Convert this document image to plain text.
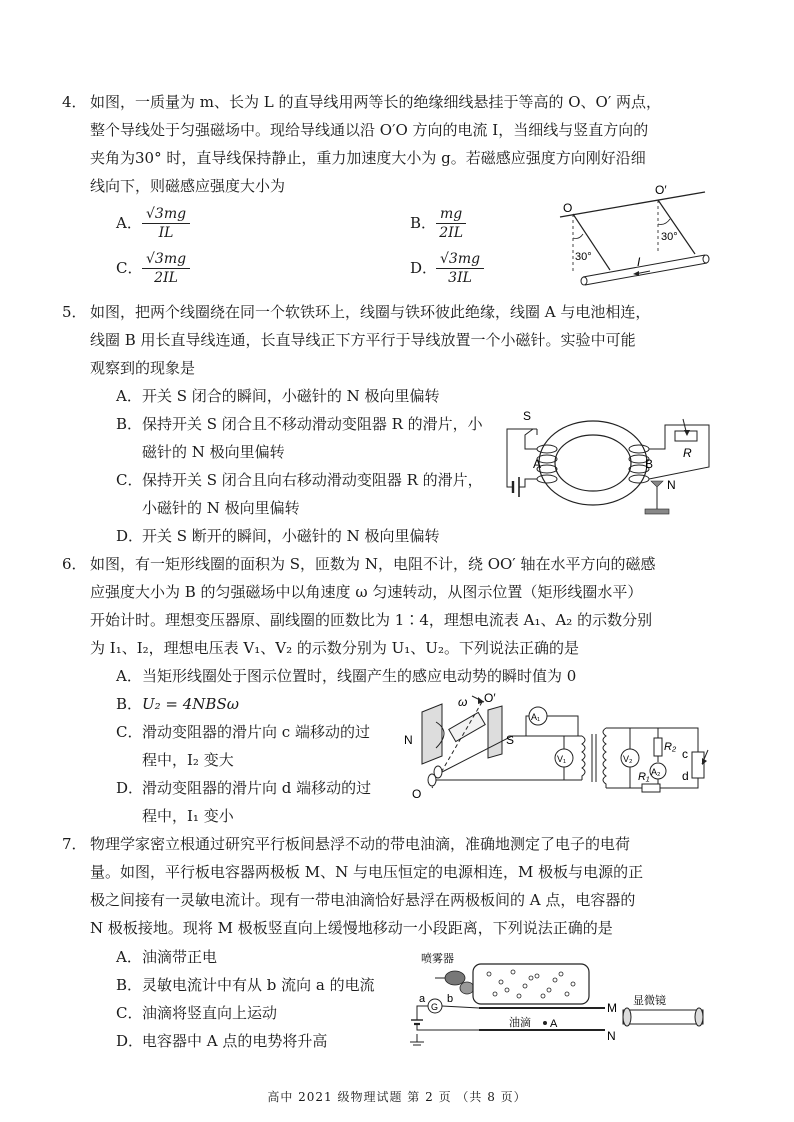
4． 如图，一质量为 m、长为 L 的直导线用两等长的绝缘细线悬挂于等高的 O、O′ 两点，
整个导线处于匀强磁场中。现给导线通以沿 O′O 方向的电流 I，当细线与竖直方向的
夹角为30° 时，直导线保持静止，重力加速度大小为 g。若磁感应强度方向刚好沿细
线向下，则磁感应强度大小为
A． $\frac{√3mg}{IL}$	B． $\frac{mg}{2IL}$
C． $\frac{√3mg}{2IL}$	D．
$\frac{√3mg}{3IL}$
O
O′
30°
30°
I
5． 如图，把两个线圈绕在同一个软铁环上，线圈与铁环彼此绝缘，线圈 A 与电池相连，
线圈 B 用长直导线连通，长直导线正下方平行于导线放置一个小磁针。实验中可能
观察到的现象是
A．开关 S 闭合的瞬间，小磁针的 N 极向里偏转
B．保持开关 S 闭合且不移动滑动变阻器 R 的滑片，小
磁针的 N 极向里偏转
C．保持开关 S 闭合且向右移动滑动变阻器 R 的滑片，
小磁针的 N 极向里偏转
D．开关 S 断开的瞬间，小磁针的 N 极向里偏转
S
A	B
R
N
6． 如图，有一矩形线圈的面积为 S，匝数为 N，电阻不计，绕 OO′ 轴在水平方向的磁感
应强度大小为 B 的匀强磁场中以角速度 ω 匀速转动，从图示位置（矩形线圈水平）
开始计时。理想变压器原、副线圈的匝数比为 1∶4，理想电流表 A₁、A₂ 的示数分别
为 I₁、I₂，理想电压表 V₁、V₂ 的示数分别为 U₁、U₂。下列说法正确的是
A．当矩形线圈处于图示位置时，线圈产生的感应电动势的瞬时值为 0
B．U₂ = 4NBSω
C．滑动变阻器的滑片向 c 端移动的过
程中，I₂ 变大
D．滑动变阻器的滑片向 d 端移动的过
程中，I₁ 变小
N	S
O
O′
ω
A₁
V₁	V₂
A₂
R₂
R₁
c
d
7． 物理学家密立根通过研究平行板间悬浮不动的带电油滴，准确地测定了电子的电荷
量。如图，平行板电容器两极板 M、N 与电压恒定的电源相连，M 极板与电源的正
极之间接有一灵敏电流计。现有一带电油滴恰好悬浮在两极板间的 A 点，电容器的
N 极板接地。现将 M 极板竖直向上缓慢地移动一小段距离，下列说法正确的是
A．油滴带正电
B．灵敏电流计中有从 b 流向 a 的电流
C．油滴将竖直向上运动
D．电容器中 A 点的电势将升高
喷雾器
显微镜
油滴 A
M
N
a b
G
高中 2021 级物理试题 第 2 页 （共 8 页）
